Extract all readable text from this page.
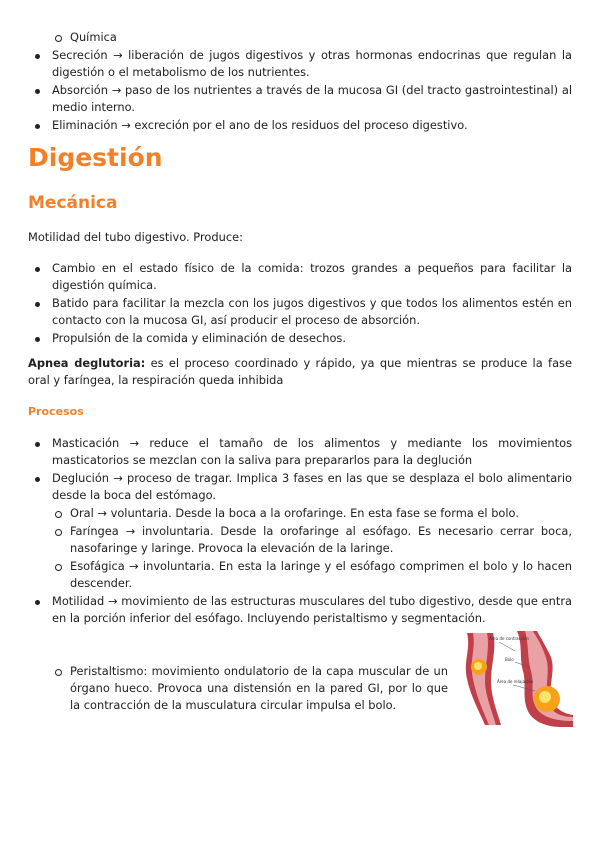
Química
Secreción → liberación de jugos digestivos y otras hormonas endocrinas que regulan la digestión o el metabolismo de los nutrientes.
Absorción → paso de los nutrientes a través de la mucosa GI (del tracto gastrointestinal) al medio interno.
Eliminación → excreción por el ano de los residuos del proceso digestivo.
Digestión
Mecánica

Motilidad del tubo digestivo. Produce:

Cambio en el estado físico de la comida: trozos grandes a pequeños para facilitar la digestión química.
Batido para facilitar la mezcla con los jugos digestivos y que todos los alimentos estén en contacto con la mucosa GI, así producir el proceso de absorción.
Propulsión de la comida y eliminación de desechos.

Apnea deglutoria: es el proceso coordinado y rápido, ya que mientras se produce la fase oral y faríngea, la respiración queda inhibida

Procesos
Masticación → reduce el tamaño de los alimentos y mediante los movimientos masticatorios se mezclan con la saliva para prepararlos para la deglución
Deglución → proceso de tragar. Implica 3 fases en las que se desplaza el bolo alimentario desde la boca del estómago.
Oral → voluntaria. Desde la boca a la orofaringe. En esta fase se forma el bolo.
Faríngea → involuntaria. Desde la orofaringe al esófago. Es necesario cerrar boca, nasofaringe y laringe. Provoca la elevación de la laringe.
Esofágica → involuntaria. En esta la laringe y el esófago comprimen el bolo y lo hacen descender.
Motilidad → movimiento de las estructuras musculares del tubo digestivo, desde que entra en la porción inferior del esófago. Incluyendo peristaltismo y segmentación.
Peristaltismo: movimiento ondulatorio de la capa muscular de un órgano hueco. Provoca una distensión en la pared GI, por lo que la contracción de la musculatura circular impulsa el bolo.
Área de contracción
Bolo
Área de relajación
